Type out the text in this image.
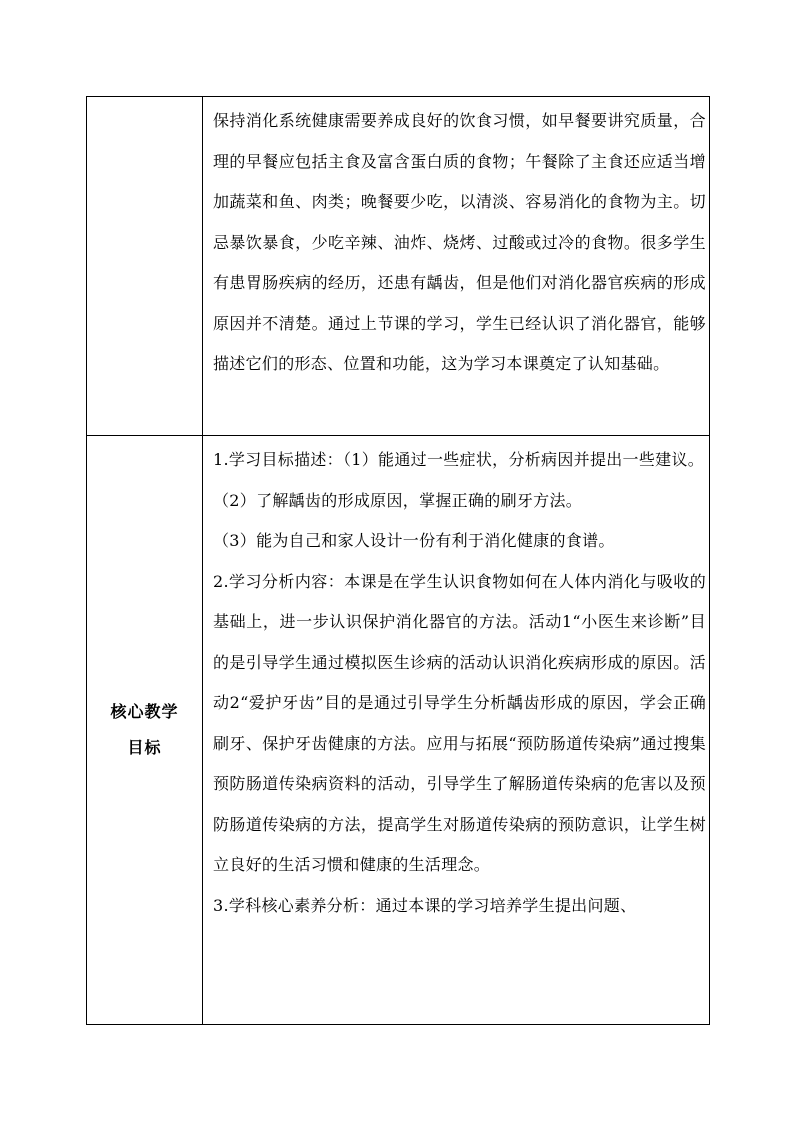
	保持消化系统健康需要养成良好的饮食习惯，如早餐要讲究质量，合理的早餐应包括主食及富含蛋白质的食物；午餐除了主食还应适当增加蔬菜和鱼、肉类；晚餐要少吃，以清淡、容易消化的食物为主。切忌暴饮暴食，少吃辛辣、油炸、烧烤、过酸或过冷的食物。很多学生有患胃肠疾病的经历，还患有龋齿，但是他们对消化器官疾病的形成原因并不清楚。通过上节课的学习，学生已经认识了消化器官，能够描述它们的形态、位置和功能，这为学习本课奠定了认知基础。

核心教学目标	1.学习目标描述：（1）能通过一些症状，分析病因并提出一些建议。

（2）了解龋齿的形成原因，掌握正确的刷牙方法。

（3）能为自己和家人设计一份有利于消化健康的食谱。

2.学习分析内容：本课是在学生认识食物如何在人体内消化与吸收的基础上，进一步认识保护消化器官的方法。活动1“小医生来诊断”目的是引导学生通过模拟医生诊病的活动认识消化疾病形成的原因。活动2“爱护牙齿”目的是通过引导学生分析龋齿形成的原因，学会正确刷牙、保护牙齿健康的方法。应用与拓展“预防肠道传染病”通过搜集预防肠道传染病资料的活动，引导学生了解肠道传染病的危害以及预防肠道传染病的方法，提高学生对肠道传染病的预防意识，让学生树立良好的生活习惯和健康的生活理念。

3.学科核心素养分析：通过本课的学习培养学生提出问题、
